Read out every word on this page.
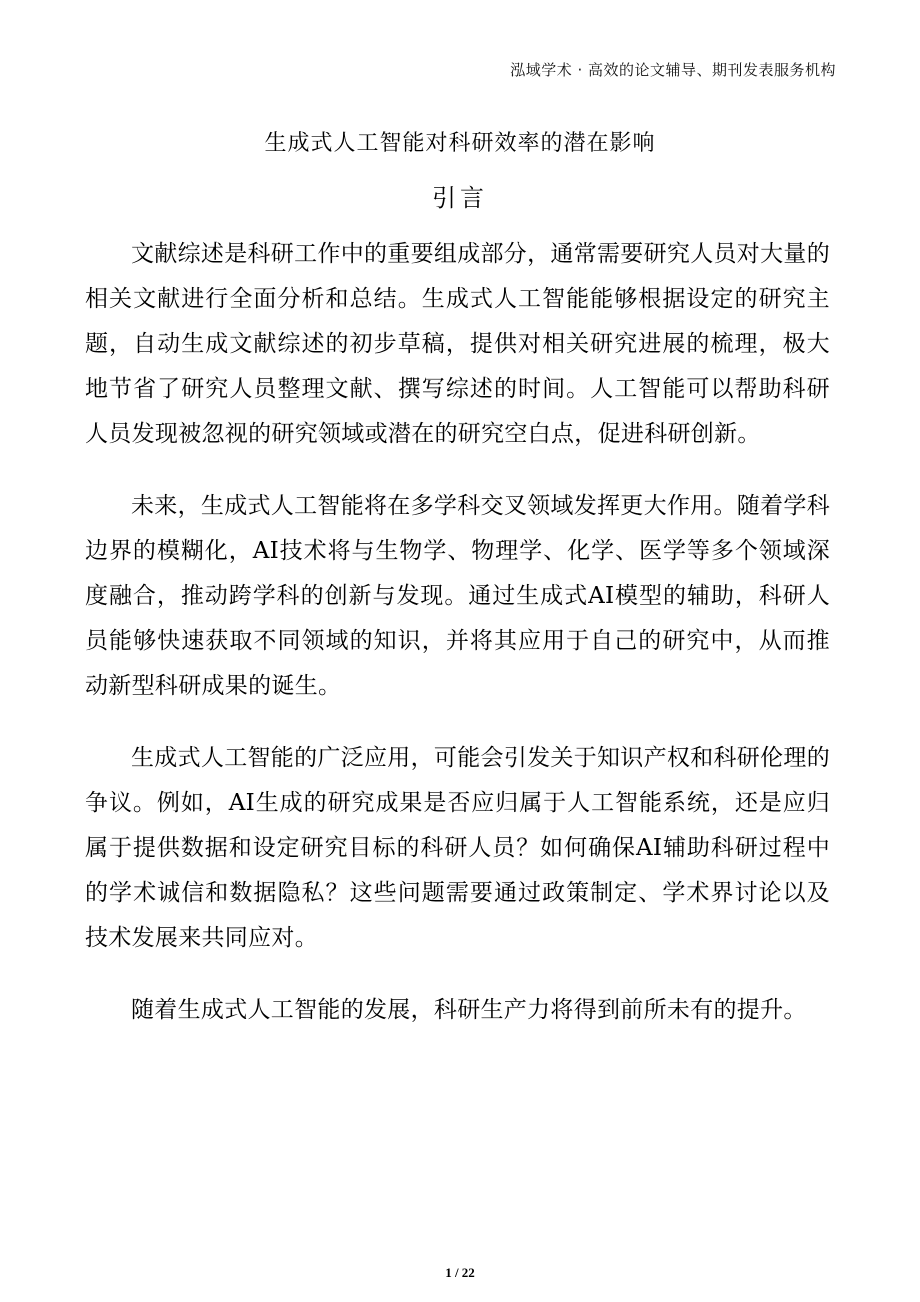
泓域学术 · 高效的论文辅导、期刊发表服务机构
生成式人工智能对科研效率的潜在影响
引言

文献综述是科研工作中的重要组成部分，通常需要研究人员对大量的相关文献进行全面分析和总结。生成式人工智能能够根据设定的研究主题，自动生成文献综述的初步草稿，提供对相关研究进展的梳理，极大地节省了研究人员整理文献、撰写综述的时间。人工智能可以帮助科研人员发现被忽视的研究领域或潜在的研究空白点，促进科研创新。

未来，生成式人工智能将在多学科交叉领域发挥更大作用。随着学科边界的模糊化，AI技术将与生物学、物理学、化学、医学等多个领域深度融合，推动跨学科的创新与发现。通过生成式AI模型的辅助，科研人员能够快速获取不同领域的知识，并将其应用于自己的研究中，从而推动新型科研成果的诞生。

生成式人工智能的广泛应用，可能会引发关于知识产权和科研伦理的争议。例如，AI生成的研究成果是否应归属于人工智能系统，还是应归属于提供数据和设定研究目标的科研人员？如何确保AI辅助科研过程中的学术诚信和数据隐私？这些问题需要通过政策制定、学术界讨论以及技术发展来共同应对。

随着生成式人工智能的发展，科研生产力将得到前所未有的提升。

1 / 22
